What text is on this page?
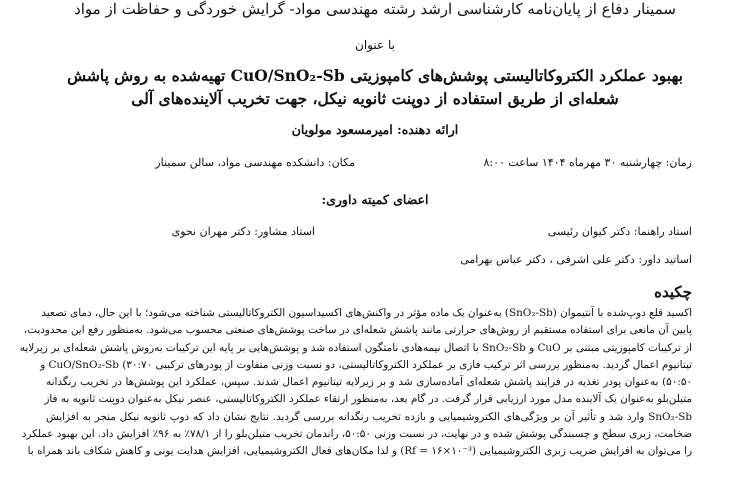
سمینار دفاع از پایان‌نامه کارشناسی ارشد رشته مهندسی مواد- گرایش خوردگی و حفاظت از مواد
با عنوان
بهبود عملکرد الکتروکاتالیستی پوشش‌های کامپوزیتی CuO/SnO₂-Sb تهیه‌شده به روش پاشش
شعله‌ای از طریق استفاده از دوپنت ثانویه نیکل، جهت تخریب آلاینده‌های آلی
ارائه دهنده: امیرمسعود مولویان
زمان: چهارشنبه ۳۰ مهرماه ۱۴۰۴ ساعت ۸:۰۰
مکان: دانشکده مهندسی مواد، سالن سمینار
اعضای کمیته داوری:
استاد راهنما: دکتر کیوان رئیسی
استاد مشاور: دکتر مهران نحوی
اساتید داور: دکتر علی اشرفی ، دکتر عباس بهرامی
چکیده
اکسید قلع دوپ‌شده با آنتیموان (SnO₂-Sb) به‌عنوان یک ماده مؤثر در واکنش‌های اکسیداسیون الکتروکاتالیستی شناخته می‌شود؛ با این حال، دمای تصعید
پایین آن مانعی برای استفاده مستقیم از روش‌های حرارتی مانند پاشش شعله‌ای در ساخت پوشش‌های صنعتی محسوب می‌شود. به‌منظور رفع این محدودیت،
از ترکیبات کامپوزیتی مبتنی بر CuO و SnO₂-Sb با اتصال نیمه‌هادی نامتگون استفاده شد و پوشش‌هایی بر پایه این ترکیبات به‌روش پاشش شعله‌ای بر زیرلایه
تیتانیوم اعمال گردید. به‌منظور بررسی اثر ترکیب فازی بر عملکرد الکتروکاتالیستی، دو نسبت وزنی متفاوت از پودرهای ترکیبی CuO/SnO₂-Sb (۳۰:۷۰ و
۵۰:۵۰) به‌عنوان پودر تغذیه در فرایند پاشش شعله‌ای آماده‌سازی شد و بر زیرلایه تیتانیوم اعمال شدند. سپس، عملکرد این پوشش‌ها در تخریب رنگدانه
متیلن‌بلو به‌عنوان یک آلاینده مدل مورد ارزیابی قرار گرفت. در گام بعد، به‌منظور ارتقاء عملکرد الکتروکاتالیستی، عنصر نیکل به‌عنوان دوپنت ثانویه به فاز
SnO₂-Sb وارد شد و تأثیر آن بر ویژگی‌های الکتروشیمیایی و بازده تخریب رنگدانه بررسی گردید. نتایج نشان داد که دوپ ثانویه نیکل منجر به افزایش
ضخامت، زبری سطح و چسبندگی پوشش شده و در نهایت، در نسبت وزنی ۵۰:۵۰، راندمان تخریب متیلن‌بلو را از ۷۸/۱٪ به ۹۶٪ افزایش داد. این بهبود عملکرد
را می‌توان به افزایش ضریب زبری الکتروشیمیایی (Rf = ۱۶×۱۰⁻³) و لذا مکان‌های فعال الکتروشیمیایی، افزایش هدایت یونی و کاهش شکاف باند همراه با
